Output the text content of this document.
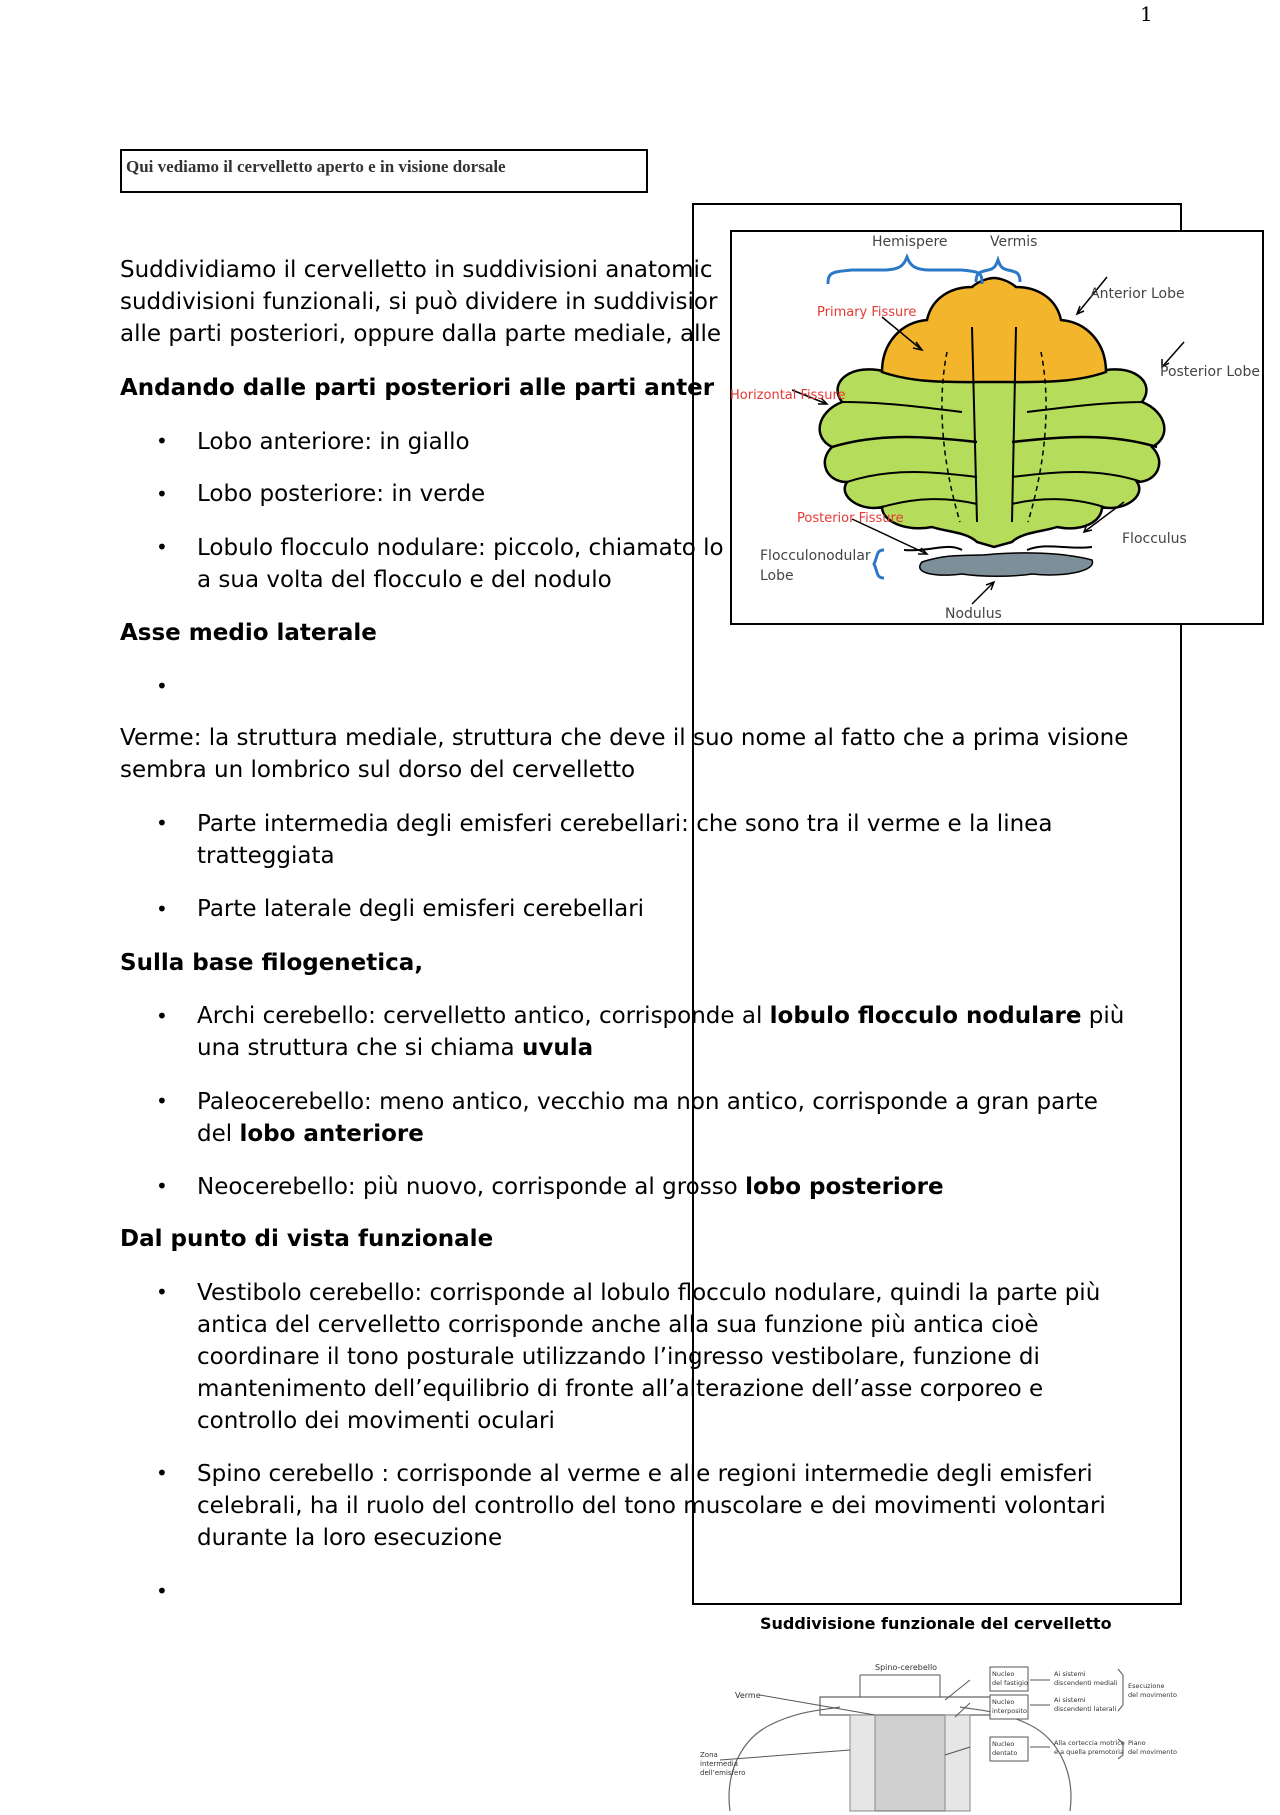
1
Qui vediamo il cervelletto aperto e in visione dorsale
Suddividiamo il cervelletto in suddivisioni anatomic
suddivisioni funzionali, si può dividere in suddivisior
alle parti posteriori, oppure dalla parte mediale, alle
Andando dalle parti posteriori alle parti anter
• Lobo anteriore: in giallo
• Lobo posteriore: in verde
• Lobulo flocculo nodulare: piccolo, chiamato lo
a sua volta del flocculo e del nodulo
Asse medio laterale
•
Verme: la struttura mediale, struttura che deve il suo nome al fatto che a prima visione
sembra un lombrico sul dorso del cervelletto
• Parte intermedia degli emisferi cerebellari: che sono tra il verme e la linea
tratteggiata
• Parte laterale degli emisferi cerebellari
Sulla base filogenetica,
• Archi cerebello: cervelletto antico, corrisponde al lobulo flocculo nodulare più
una struttura che si chiama uvula
• Paleocerebello: meno antico, vecchio ma non antico, corrisponde a gran parte
del lobo anteriore
• Neocerebello: più nuovo, corrisponde al grosso lobo posteriore
Dal punto di vista funzionale
• Vestibolo cerebello: corrisponde al lobulo flocculo nodulare, quindi la parte più
antica del cervelletto corrisponde anche alla sua funzione più antica cioè
coordinare il tono posturale utilizzando l’ingresso vestibolare, funzione di
mantenimento dell’equilibrio di fronte all’alterazione dell’asse corporeo e
controllo dei movimenti oculari
• Spino cerebello : corrisponde al verme e alle regioni intermedie degli emisferi
celebrali, ha il ruolo del controllo del tono muscolare e dei movimenti volontari
durante la loro esecuzione
•
Hemispere	Vermis
Anterior Lobe
Primary Fissure
Posterior Lobe
Horizontal Fissure
Posterior Fissure
Flocculus
Flocculonodular
Lobe
Nodulus
Suddivisione funzionale del cervelletto
Spino-cerebello
Verme
Zona
intermedia
dell’emisfero
Nucleo
del fastigio
Nucleo
interposito
Nucleo
dentato
Ai sistemi
discendenti mediali
Ai sistemi
discendenti laterali
Alla corteccia motrice
e a quella premotoria
Esecuzione
del movimento
Piano
del movimento
